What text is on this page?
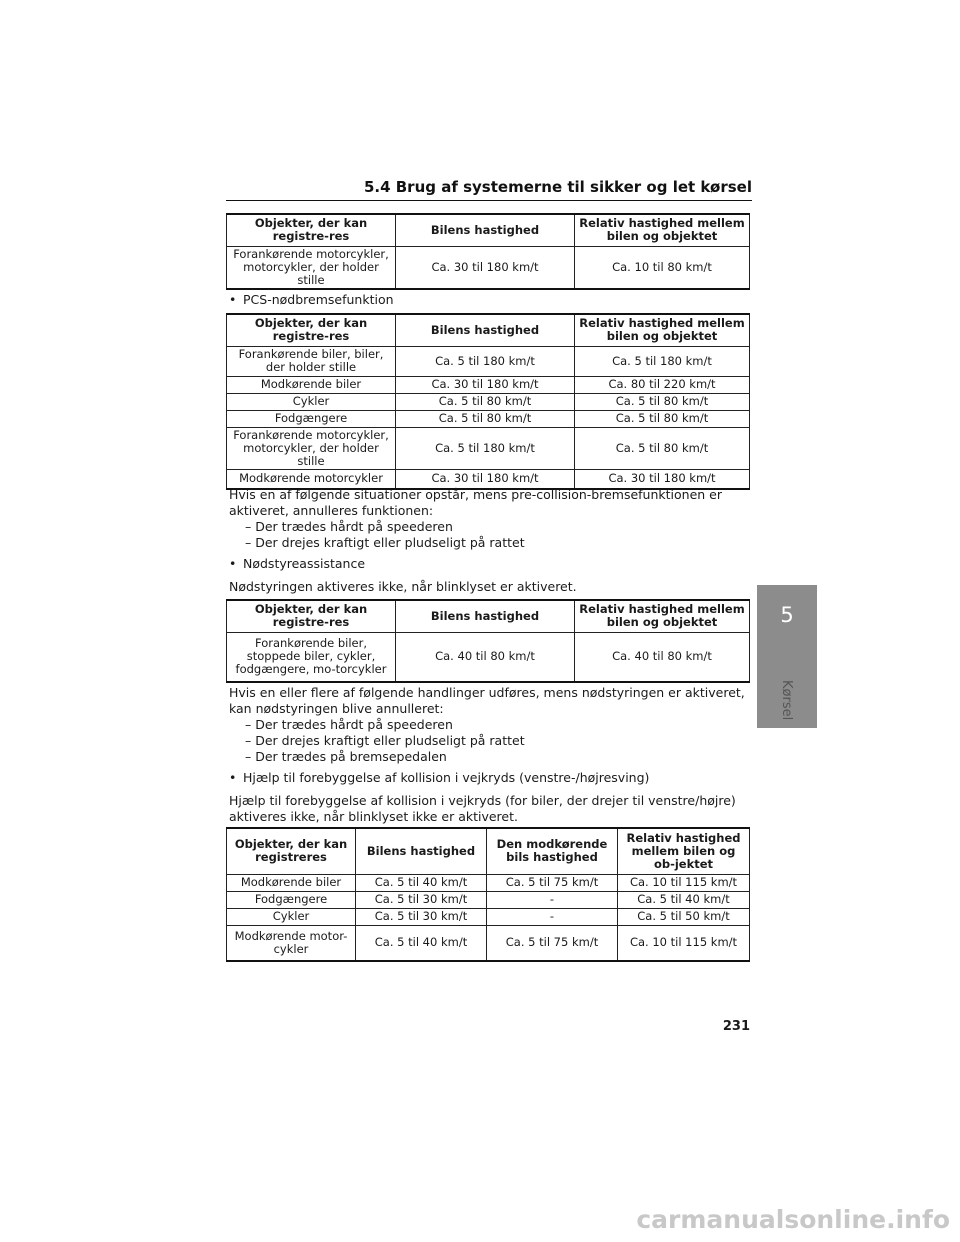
5.4 Brug af systemerne til sikker og let kørsel
Objekter, der kan registre-res	Bilens hastighed	Relativ hastighed mellem bilen og objektet
Forankørende motorcykler, motorcykler, der holder stille	Ca. 30 til 180 km/t	Ca. 10 til 80 km/t
• PCS-nødbremsefunktion
Objekter, der kan registre-res	Bilens hastighed	Relativ hastighed mellem bilen og objektet
Forankørende biler, biler, der holder stille	Ca. 5 til 180 km/t	Ca. 5 til 180 km/t
Modkørende biler	Ca. 30 til 180 km/t	Ca. 80 til 220 km/t
Cykler	Ca. 5 til 80 km/t	Ca. 5 til 80 km/t
Fodgængere	Ca. 5 til 80 km/t	Ca. 5 til 80 km/t
Forankørende motorcykler, motorcykler, der holder stille	Ca. 5 til 180 km/t	Ca. 5 til 80 km/t
Modkørende motorcykler	Ca. 30 til 180 km/t	Ca. 30 til 180 km/t
Hvis en af følgende situationer opstår, mens pre-collision-bremsefunktionen er aktiveret, annulleres funktionen:
– Der trædes hårdt på speederen
– Der drejes kraftigt eller pludseligt på rattet
• Nødstyreassistance
Nødstyringen aktiveres ikke, når blinklyset er aktiveret.
Objekter, der kan registre-res	Bilens hastighed	Relativ hastighed mellem bilen og objektet
Forankørende biler, stoppede biler, cykler, fodgængere, mo-torcykler	Ca. 40 til 80 km/t	Ca. 40 til 80 km/t
Hvis en eller flere af følgende handlinger udføres, mens nødstyringen er aktiveret, kan nødstyringen blive annulleret:
– Der trædes hårdt på speederen
– Der drejes kraftigt eller pludseligt på rattet
– Der trædes på bremsepedalen
• Hjælp til forebyggelse af kollision i vejkryds (venstre-/højresving)
Hjælp til forebyggelse af kollision i vejkryds (for biler, der drejer til venstre/højre) aktiveres ikke, når blinklyset ikke er aktiveret.
Objekter, der kan registreres	Bilens hastighed	Den modkørende bils hastighed	Relativ hastighed mellem bilen og ob-jektet
Modkørende biler	Ca. 5 til 40 km/t	Ca. 5 til 75 km/t	Ca. 10 til 115 km/t
Fodgængere	Ca. 5 til 30 km/t	-	Ca. 5 til 40 km/t
Cykler	Ca. 5 til 30 km/t	-	Ca. 5 til 50 km/t
Modkørende motor-cykler	Ca. 5 til 40 km/t	Ca. 5 til 75 km/t	Ca. 10 til 115 km/t
5
Kørsel
231
carmanualsonline.info
